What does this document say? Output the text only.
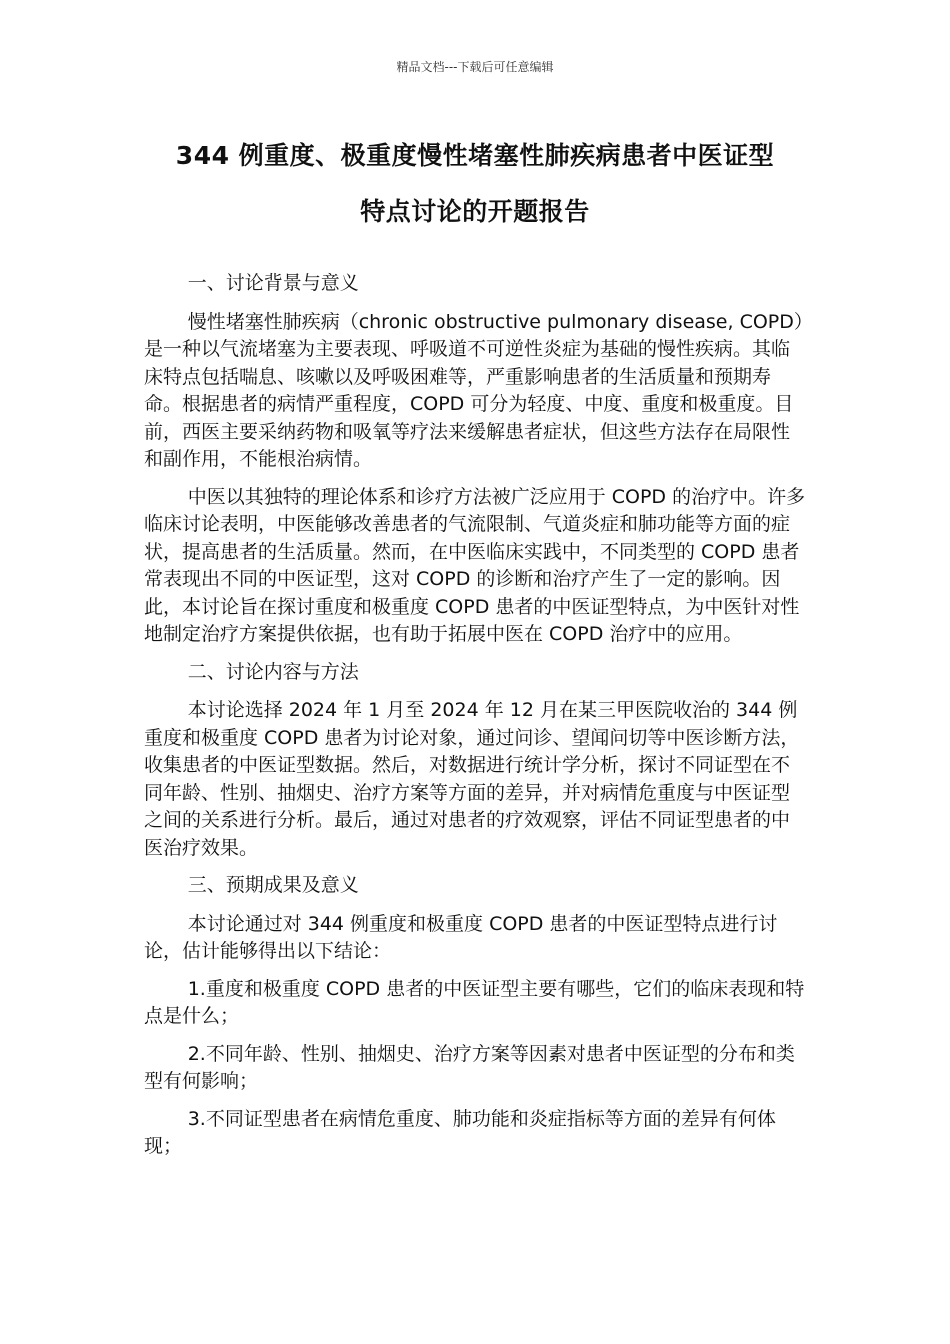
精品文档---下载后可任意编辑
344 例重度、极重度慢性堵塞性肺疾病患者中医证型
特点讨论的开题报告

一、讨论背景与意义

慢性堵塞性肺疾病（chronic obstructive pulmonary disease, COPD）是一种以气流堵塞为主要表现、呼吸道不可逆性炎症为基础的慢性疾病。其临床特点包括喘息、咳嗽以及呼吸困难等，严重影响患者的生活质量和预期寿命。根据患者的病情严重程度，COPD 可分为轻度、中度、重度和极重度。目前，西医主要采纳药物和吸氧等疗法来缓解患者症状，但这些方法存在局限性和副作用，不能根治病情。

中医以其独特的理论体系和诊疗方法被广泛应用于 COPD 的治疗中。许多临床讨论表明，中医能够改善患者的气流限制、气道炎症和肺功能等方面的症状，提高患者的生活质量。然而，在中医临床实践中，不同类型的 COPD 患者常表现出不同的中医证型，这对 COPD 的诊断和治疗产生了一定的影响。因此，本讨论旨在探讨重度和极重度 COPD 患者的中医证型特点，为中医针对性地制定治疗方案提供依据，也有助于拓展中医在 COPD 治疗中的应用。

二、讨论内容与方法

本讨论选择 2024 年 1 月至 2024 年 12 月在某三甲医院收治的 344 例重度和极重度 COPD 患者为讨论对象，通过问诊、望闻问切等中医诊断方法，收集患者的中医证型数据。然后，对数据进行统计学分析，探讨不同证型在不同年龄、性别、抽烟史、治疗方案等方面的差异，并对病情危重度与中医证型之间的关系进行分析。最后，通过对患者的疗效观察，评估不同证型患者的中医治疗效果。

三、预期成果及意义

本讨论通过对 344 例重度和极重度 COPD 患者的中医证型特点进行讨论，估计能够得出以下结论：

1.重度和极重度 COPD 患者的中医证型主要有哪些，它们的临床表现和特点是什么；

2.不同年龄、性别、抽烟史、治疗方案等因素对患者中医证型的分布和类型有何影响；

3.不同证型患者在病情危重度、肺功能和炎症指标等方面的差异有何体现；
